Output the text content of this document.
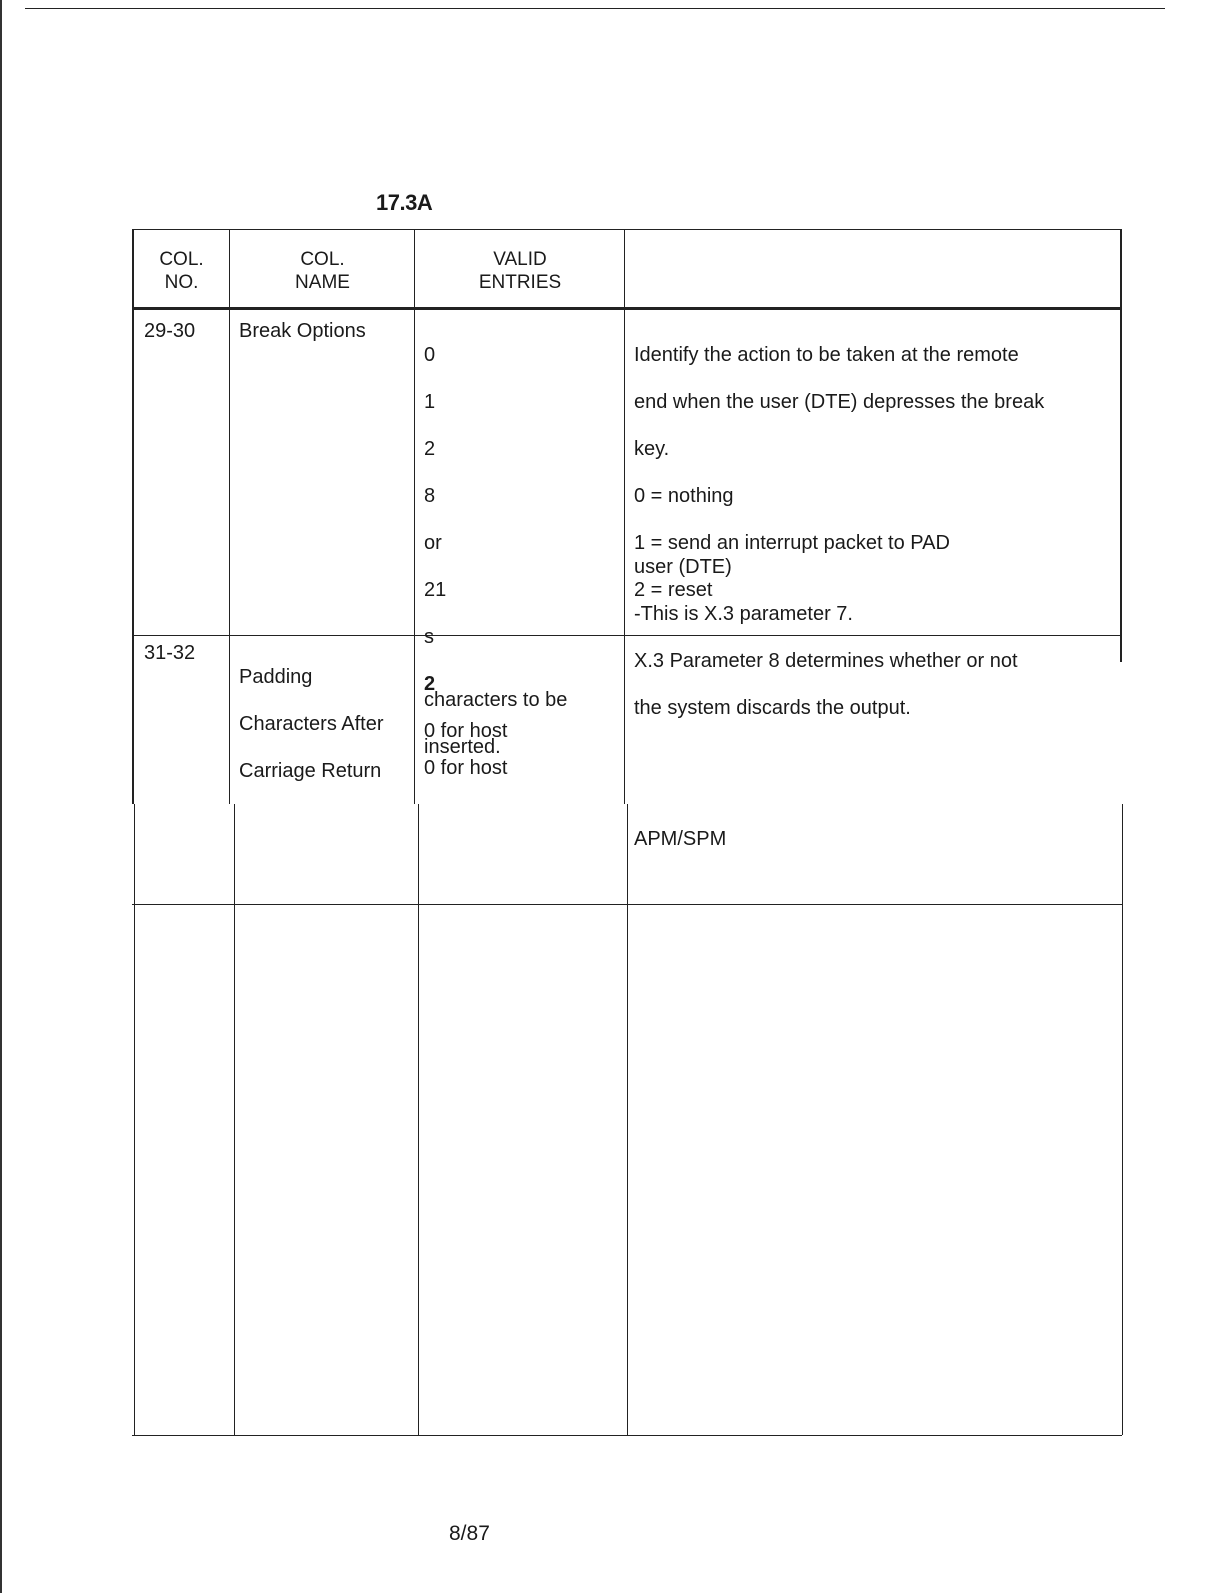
17.3A
COL.
NO.
COL.
NAME
VALID
ENTRIES
29-30 Break Options

0

1

2

8

or

21

s

2

0 for host

Identify the action to be taken at the remote

end when the user (DTE) depresses the break

key.

0 = nothing

1 = send an interrupt packet to PAD

2 = reset

user (DTE)

-This is X.3 parameter 7.

X.3 Parameter 8 determines whether or not

the system discards the output.

31-32

Padding

Characters After

Carriage Return

characters to be

inserted.

0 for host
APM/SPM
8/87
